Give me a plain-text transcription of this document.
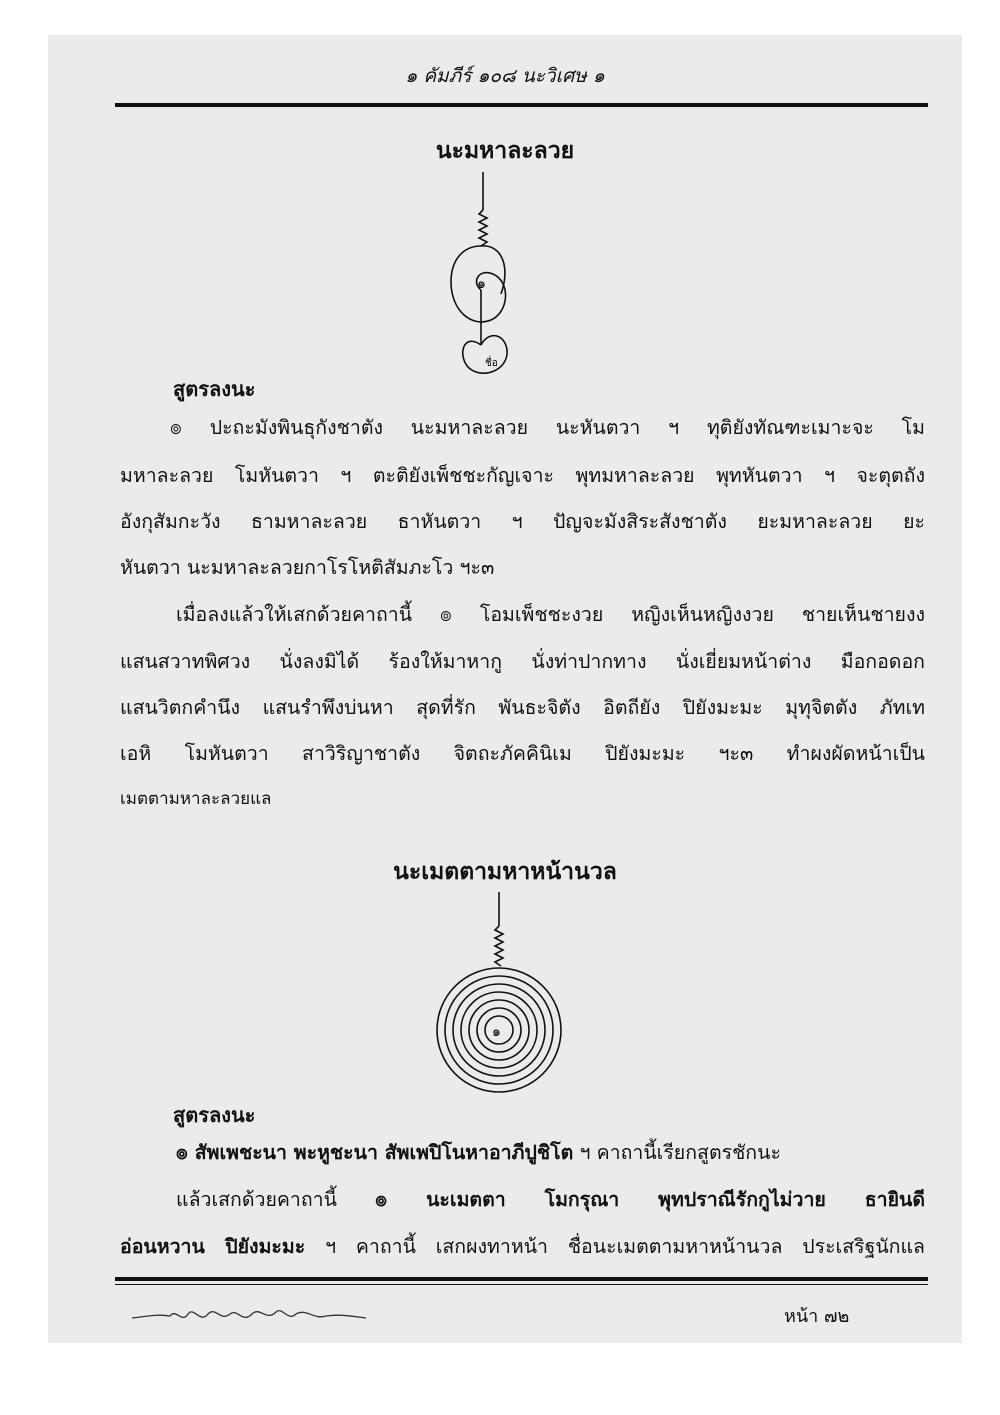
๑ คัมภีร์ ๑๐๘ นะวิเศษ ๑
นะมหาละลวย
๑
ชื่อ
สูตรลงนะ
๏ ปะถะมังพินธุกังชาตัง นะมหาละลวย นะหันตวา ฯ ทุติยังทัณฑะเมาะจะ โม
มหาละลวย โมหันตวา ฯ ตะติยังเพ็ชชะกัญเจาะ พุทมหาละลวย พุทหันตวา ฯ จะตุตถัง
อังกุสัมกะวัง ธามหาละลวย ธาหันตวา ฯ ปัญจะมังสิระสังชาตัง ยะมหาละลวย ยะ
หันตวา นะมหาละลวยกาโรโหติสัมภะโว ฯะ๓
เมื่อลงแล้วให้เสกด้วยคาถานี้ ๏ โอมเพ็ชชะงวย หญิงเห็นหญิงงวย ชายเห็นชายงง
แสนสวาทพิศวง นั่งลงมิได้ ร้องให้มาหากู นั่งท่าปากทาง นั่งเยี่ยมหน้าต่าง มือกอดอก
แสนวิตกคำนึง แสนรำพึงบ่นหา สุดที่รัก พันธะจิตัง อิตถียัง ปิยังมะมะ มุทุจิตตัง ภัทเท
เอหิ โมหันตวา สาวิริญาชาตัง จิตถะภัคคินิเม ปิยังมะมะ ฯะ๓ ทำผงผัดหน้าเป็น
เมตตามหาละลวยแล
นะเมตตามหาหน้านวล
๑
สูตรลงนะ
๏ สัพเพชะนา พะหูชะนา สัพเพปิโนหาอาภีปูชิโต ฯ คาถานี้เรียกสูตรชักนะ
แล้วเสกด้วยคาถานี้ ๏ นะเมตตา โมกรุณา พุทปราณีรักกูไม่วาย ธายินดี
อ่อนหวาน ปิยังมะมะ ฯ คาถานี้ เสกผงทาหน้า ชื่อนะเมตตามหาหน้านวล ประเสริฐนักแล
หน้า ๗๒
